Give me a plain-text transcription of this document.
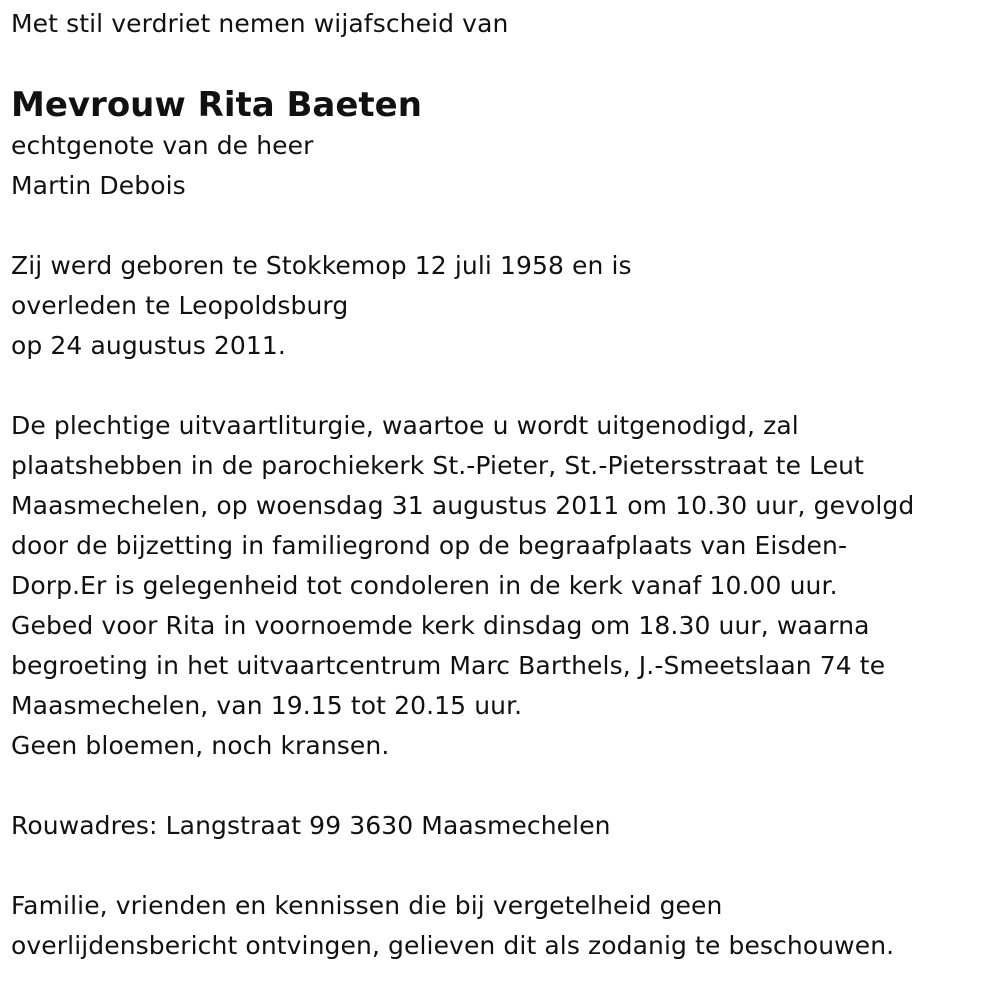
Met stil verdriet nemen wijafscheid van
Mevrouw Rita Baeten
echtgenote van de heer
Martin Debois
Zij werd geboren te Stokkemop 12 juli 1958 en is
overleden te Leopoldsburg
op 24 augustus 2011.
De plechtige uitvaartliturgie, waartoe u wordt uitgenodigd, zal
plaatshebben in de parochiekerk St.-Pieter, St.-Pietersstraat te Leut
Maasmechelen, op woensdag 31 augustus 2011 om 10.30 uur, gevolgd
door de bijzetting in familiegrond op de begraafplaats van Eisden-
Dorp.Er is gelegenheid tot condoleren in de kerk vanaf 10.00 uur.
Gebed voor Rita in voornoemde kerk dinsdag om 18.30 uur, waarna
begroeting in het uitvaartcentrum Marc Barthels, J.-Smeetslaan 74 te
Maasmechelen, van 19.15 tot 20.15 uur.
Geen bloemen, noch kransen.
Rouwadres: Langstraat 99 3630 Maasmechelen
Familie, vrienden en kennissen die bij vergetelheid geen
overlijdensbericht ontvingen, gelieven dit als zodanig te beschouwen.
